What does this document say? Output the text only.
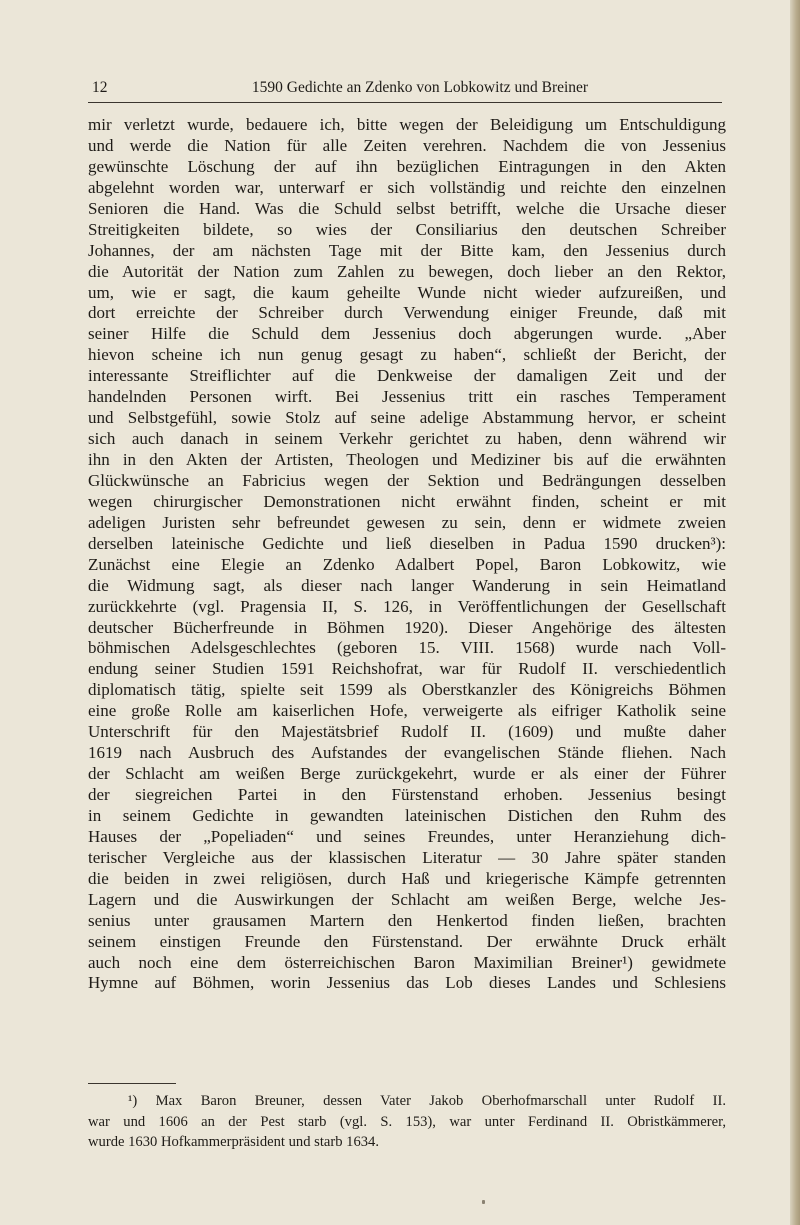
12	1590 Gedichte an Zdenko von Lobkowitz und Breiner
mir verletzt wurde, bedauere ich, bitte wegen der Beleidigung um Entschuldigung
und werde die Nation für alle Zeiten verehren. Nachdem die von Jessenius
gewünschte Löschung der auf ihn bezüglichen Eintragungen in den Akten
abgelehnt worden war, unterwarf er sich vollständig und reichte den einzelnen
Senioren die Hand. Was die Schuld selbst betrifft, welche die Ursache dieser
Streitigkeiten bildete, so wies der Consiliarius den deutschen Schreiber
Johannes, der am nächsten Tage mit der Bitte kam, den Jessenius durch
die Autorität der Nation zum Zahlen zu bewegen, doch lieber an den Rektor,
um, wie er sagt, die kaum geheilte Wunde nicht wieder aufzureißen, und
dort erreichte der Schreiber durch Verwendung einiger Freunde, daß mit
seiner Hilfe die Schuld dem Jessenius doch abgerungen wurde. „Aber
hievon scheine ich nun genug gesagt zu haben“, schließt der Bericht, der
interessante Streiflichter auf die Denkweise der damaligen Zeit und der
handelnden Personen wirft. Bei Jessenius tritt ein rasches Temperament
und Selbstgefühl, sowie Stolz auf seine adelige Abstammung hervor, er scheint
sich auch danach in seinem Verkehr gerichtet zu haben, denn während wir
ihn in den Akten der Artisten, Theologen und Mediziner bis auf die erwähnten
Glückwünsche an Fabricius wegen der Sektion und Bedrängungen desselben
wegen chirurgischer Demonstrationen nicht erwähnt finden, scheint er mit
adeligen Juristen sehr befreundet gewesen zu sein, denn er widmete zweien
derselben lateinische Gedichte und ließ dieselben in Padua 1590 drucken³):
Zunächst eine Elegie an Zdenko Adalbert Popel, Baron Lobkowitz, wie
die Widmung sagt, als dieser nach langer Wanderung in sein Heimatland
zurückkehrte (vgl. Pragensia II, S. 126, in Veröffentlichungen der Gesellschaft
deutscher Bücherfreunde in Böhmen 1920). Dieser Angehörige des ältesten
böhmischen Adelsgeschlechtes (geboren 15. VIII. 1568) wurde nach Voll-
endung seiner Studien 1591 Reichshofrat, war für Rudolf II. verschiedentlich
diplomatisch tätig, spielte seit 1599 als Oberstkanzler des Königreichs Böhmen
eine große Rolle am kaiserlichen Hofe, verweigerte als eifriger Katholik seine
Unterschrift für den Majestätsbrief Rudolf II. (1609) und mußte daher
1619 nach Ausbruch des Aufstandes der evangelischen Stände fliehen. Nach
der Schlacht am weißen Berge zurückgekehrt, wurde er als einer der Führer
der siegreichen Partei in den Fürstenstand erhoben. Jessenius besingt
in seinem Gedichte in gewandten lateinischen Distichen den Ruhm des
Hauses der „Popeliaden“ und seines Freundes, unter Heranziehung dich-
terischer Vergleiche aus der klassischen Literatur — 30 Jahre später standen
die beiden in zwei religiösen, durch Haß und kriegerische Kämpfe getrennten
Lagern und die Auswirkungen der Schlacht am weißen Berge, welche Jes-
senius unter grausamen Martern den Henkertod finden ließen, brachten
seinem einstigen Freunde den Fürstenstand. Der erwähnte Druck erhält
auch noch eine dem österreichischen Baron Maximilian Breiner¹) gewidmete
Hymne auf Böhmen, worin Jessenius das Lob dieses Landes und Schlesiens
¹) Max Baron Breuner, dessen Vater Jakob Oberhofmarschall unter Rudolf II.
war und 1606 an der Pest starb (vgl. S. 153), war unter Ferdinand II. Obristkämmerer,
wurde 1630 Hofkammerpräsident und starb 1634.
